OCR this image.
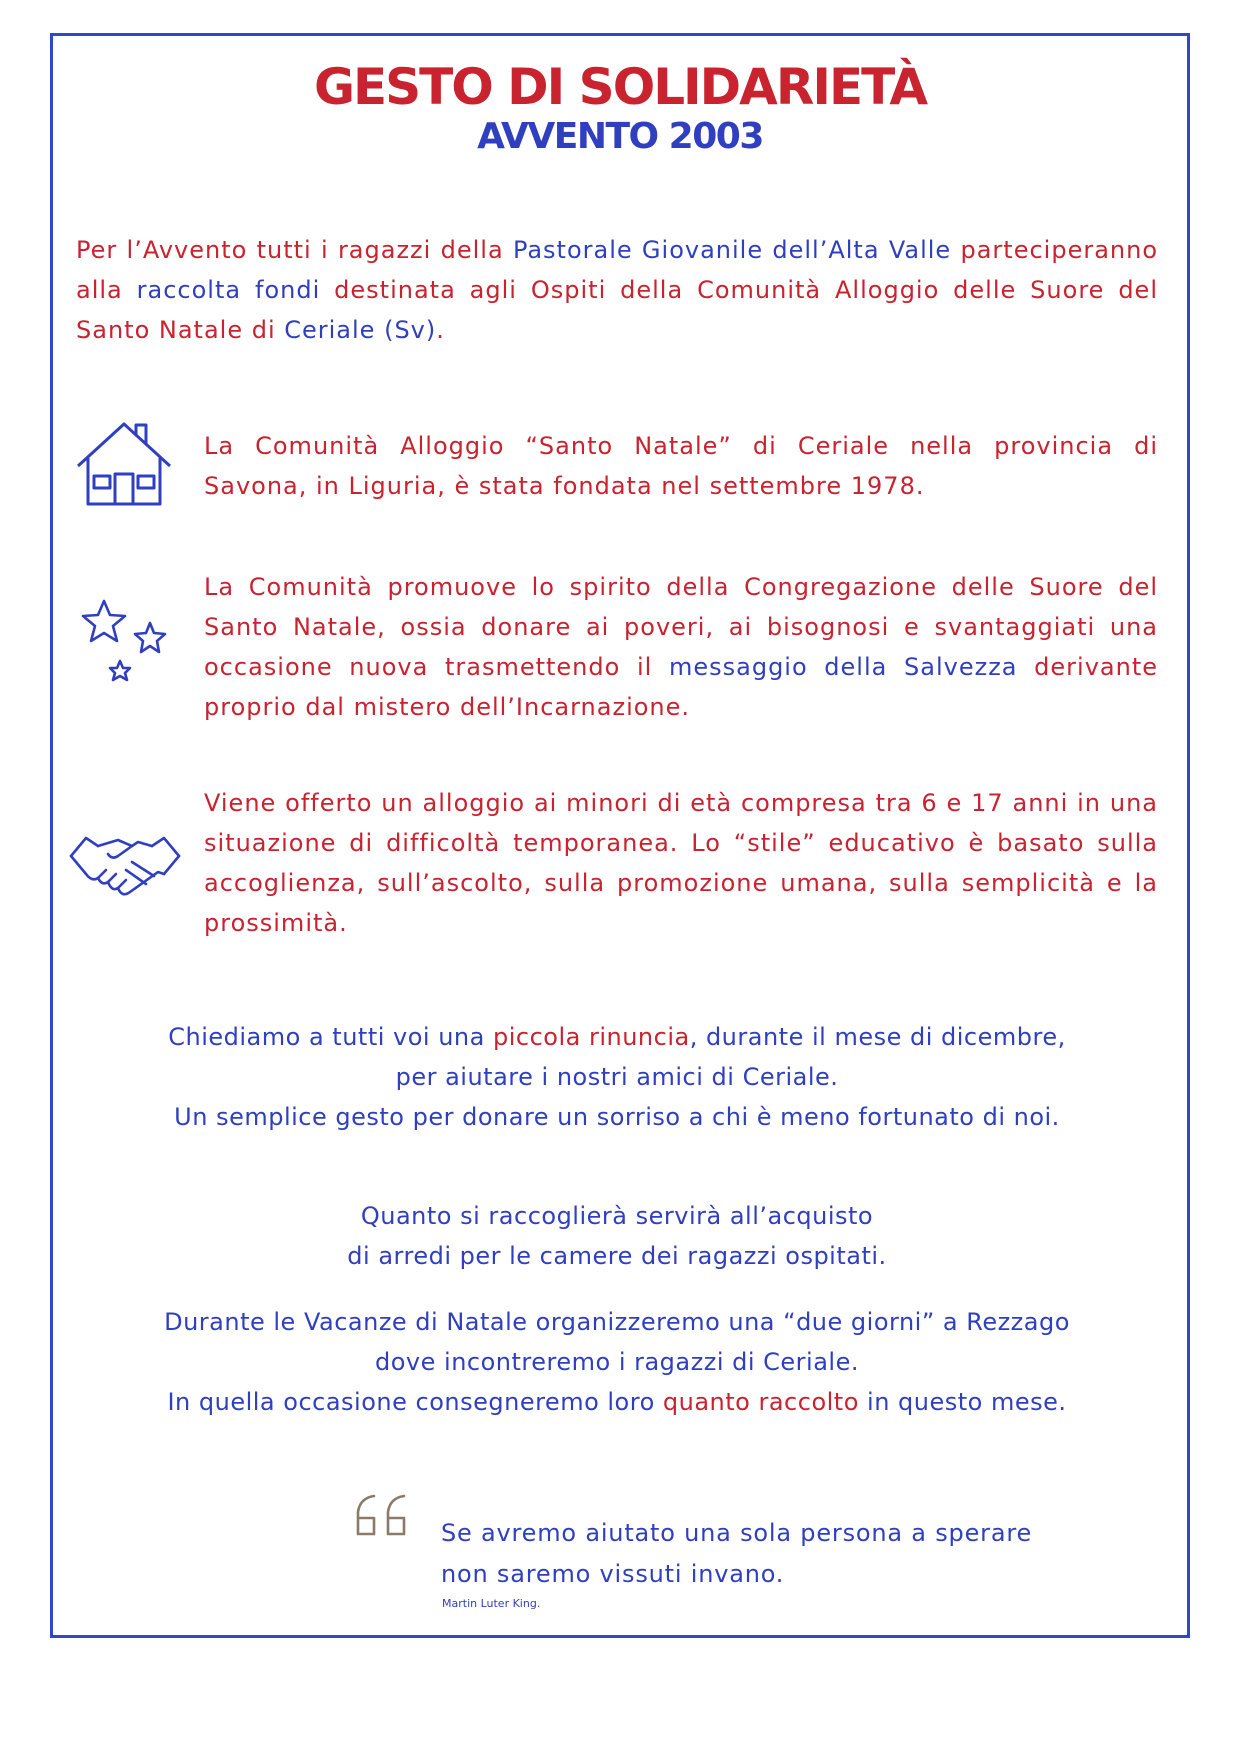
GESTO DI SOLIDARIETÀ
AVVENTO 2003
Per l’Avvento tutti i ragazzi della Pastorale Giovanile dell’Alta Valle parteciperanno alla raccolta fondi destinata agli Ospiti della Comunità Alloggio delle Suore del Santo Natale di Ceriale (Sv).
La Comunità Alloggio “Santo Natale” di Ceriale nella provincia di Savona, in Liguria, è stata fondata nel settembre 1978.
La Comunità promuove lo spirito della Congregazione delle Suore del Santo Natale, ossia donare ai poveri, ai bisognosi e svantaggiati una occasione nuova trasmettendo il messaggio della Salvezza derivante proprio dal mistero dell’Incarnazione.
Viene offerto un alloggio ai minori di età compresa tra 6 e 17 anni in una situazione di difficoltà temporanea. Lo “stile” educativo è basato sulla accoglienza, sull’ascolto, sulla promozione umana, sulla semplicità e la prossimità.
Chiediamo a tutti voi una piccola rinuncia, durante il mese di dicembre,
per aiutare i nostri amici di Ceriale.
Un semplice gesto per donare un sorriso a chi è meno fortunato di noi.
Quanto si raccoglierà servirà all’acquisto
di arredi per le camere dei ragazzi ospitati.
Durante le Vacanze di Natale organizzeremo una “due giorni” a Rezzago
dove incontreremo i ragazzi di Ceriale.
In quella occasione consegneremo loro quanto raccolto in questo mese.
Se avremo aiutato una sola persona a sperare
non saremo vissuti invano.
Martin Luter King.
